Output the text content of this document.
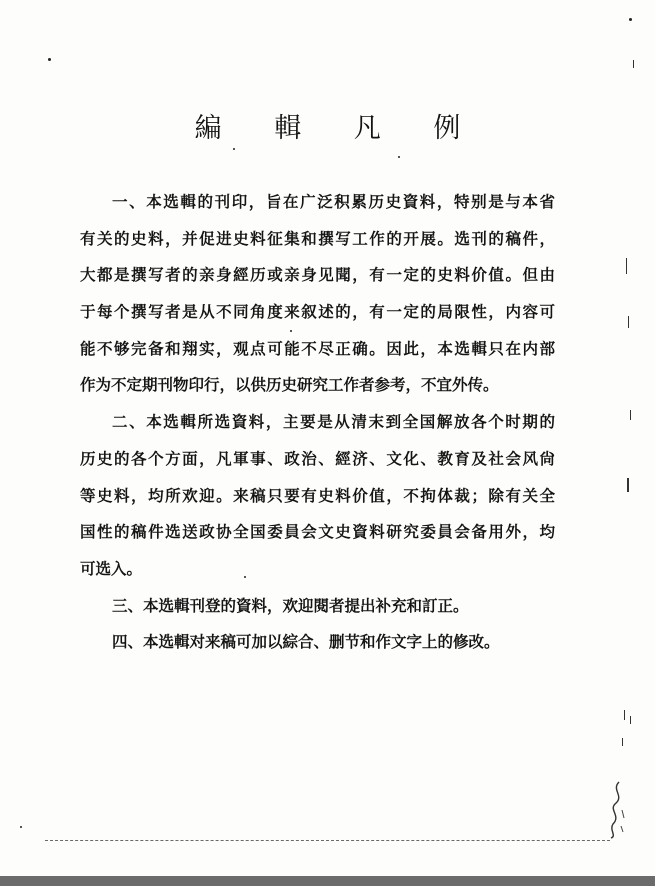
編 輯 凡 例
一、本选輯的刊印，旨在广泛积累历史資料，特别是与本省
有关的史料，并促进史料征集和撰写工作的开展。选刊的稿件，
大都是撰写者的亲身經历或亲身见聞，有一定的史料价值。但由
于每个撰写者是从不同角度来叙述的，有一定的局限性，内容可
能不够完备和翔实，观点可能不尽正确。因此，本选輯只在内部
作为不定期刊物印行，以供历史研究工作者参考，不宜外传。
二、本选輯所选資料，主要是从清末到全国解放各个时期的
历史的各个方面，凡軍事、政治、經济、文化、教育及社会风尙
等史料，均所欢迎。来稿只要有史料价值，不拘体裁；除有关全
国性的稿件选送政协全国委員会文史資料研究委員会备用外，均
可选入。
三、本选輯刊登的資料，欢迎閱者提出补充和訂正。
四、本选輯对来稿可加以綜合、删节和作文字上的修改。
